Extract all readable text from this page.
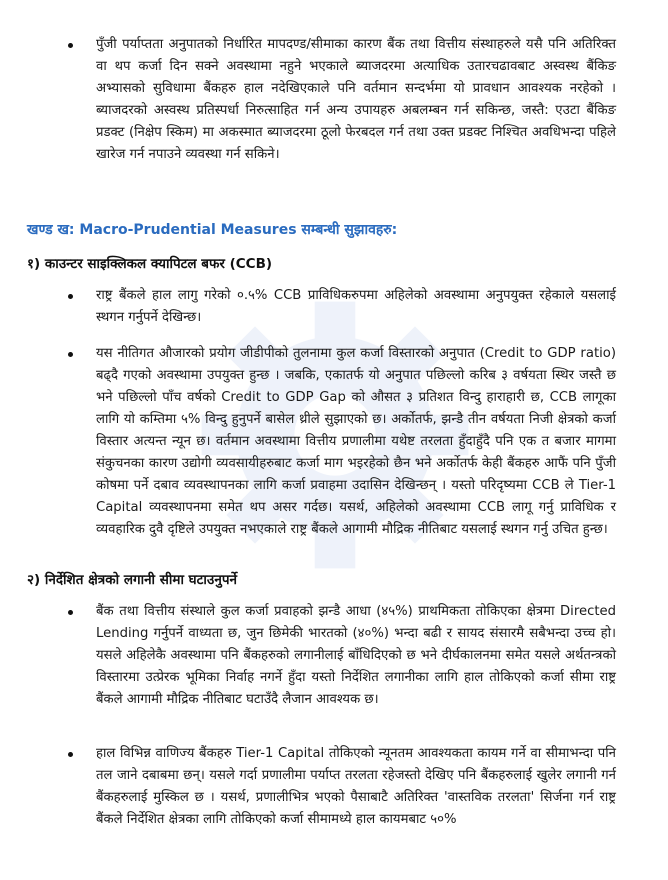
पुँजी पर्याप्तता अनुपातको निर्धारित मापदण्ड/सीमाका कारण बैंक तथा वित्तीय संस्थाहरुले यसै पनि अतिरिक्त वा थप कर्जा दिन सक्ने अवस्थामा नहुने भएकाले ब्याजदरमा अत्याधिक उतारचढावबाट अस्वस्थ बैंकिङ अभ्यासको सुविधामा बैंकहरु हाल नदेखिएकाले पनि वर्तमान सन्दर्भमा यो प्रावधान आवश्यक नरहेको । ब्याजदरको अस्वस्थ प्रतिस्पर्धा निरुत्साहित गर्न अन्य उपायहरु अबलम्बन गर्न सकिन्छ, जस्तै: एउटा बैंकिङ प्रडक्ट (निक्षेप स्किम) मा अकस्मात ब्याजदरमा ठूलो फेरबदल गर्न तथा उक्त प्रडक्ट निश्चित अवधिभन्दा पहिले खारेज गर्न नपाउने व्यवस्था गर्न सकिने।
खण्ड ख: Macro-Prudential Measures सम्बन्धी सुझावहरु:
१) काउन्टर साइक्लिकल क्यापिटल बफर (CCB)
राष्ट्र बैंकले हाल लागु गरेको ०.५% CCB प्राविधिकरुपमा अहिलेको अवस्थामा अनुपयुक्त रहेकाले यसलाई स्थगन गर्नुपर्ने देखिन्छ।
यस नीतिगत औजारको प्रयोग जीडीपीको तुलनामा कुल कर्जा विस्तारको अनुपात (Credit to GDP ratio) बढ्दै गएको अवस्थामा उपयुक्त हुन्छ । जबकि, एकातर्फ यो अनुपात पछिल्लो करिब ३ वर्षयता स्थिर जस्तै छ भने पछिल्लो पाँच वर्षको Credit to GDP Gap को औसत ३ प्रतिशत विन्दु हाराहारी छ, CCB लागूका लागि यो कम्तिमा ५% विन्दु हुनुपर्ने बासेल थ्रीले सुझाएको छ। अर्कोतर्फ, झन्डै तीन वर्षयता निजी क्षेत्रको कर्जा विस्तार अत्यन्त न्यून छ। वर्तमान अवस्थामा वित्तीय प्रणालीमा यथेष्ट तरलता हुँदाहुँदै पनि एक त बजार मागमा संकुचनका कारण उद्योगी व्यवसायीहरुबाट कर्जा माग भइरहेको छैन भने अर्कोतर्फ केही बैंकहरु आफैं पनि पुँजी कोषमा पर्ने दबाव व्यवस्थापनका लागि कर्जा प्रवाहमा उदासिन देखिन्छन् । यस्तो परिदृष्यमा CCB ले Tier-1 Capital व्यवस्थापनमा समेत थप असर गर्दछ। यसर्थ, अहिलेको अवस्थामा CCB लागू गर्नु प्राविधिक र व्यवहारिक दुवै दृष्टिले उपयुक्त नभएकाले राष्ट्र बैंकले आगामी मौद्रिक नीतिबाट यसलाई स्थगन गर्नु उचित हुन्छ।
२) निर्देशित क्षेत्रको लगानी सीमा घटाउनुपर्ने
बैंक तथा वित्तीय संस्थाले कुल कर्जा प्रवाहको झन्डै आधा (४५%) प्राथमिकता तोकिएका क्षेत्रमा Directed Lending गर्नुपर्ने वाध्यता छ, जुन छिमेकी भारतको (४०%) भन्दा बढी र सायद संसारमै सबैभन्दा उच्च हो। यसले अहिलेकै अवस्थामा पनि बैंकहरुको लगानीलाई बाँधिदिएको छ भने दीर्घकालनमा समेत यसले अर्थतन्त्रको विस्तारमा उत्प्रेरक भूमिका निर्वाह नगर्ने हुँदा यस्तो निर्देशित लगानीका लागि हाल तोकिएको कर्जा सीमा राष्ट्र बैंकले आगामी मौद्रिक नीतिबाट घटाउँदै लैजान आवश्यक छ।
हाल विभिन्न वाणिज्य बैंकहरु Tier-1 Capital तोकिएको न्यूनतम आवश्यकता कायम गर्ने वा सीमाभन्दा पनि तल जाने दबाबमा छन्। यसले गर्दा प्रणालीमा पर्याप्त तरलता रहेजस्तो देखिए पनि बैंकहरुलाई खुलेर लगानी गर्न बैंकहरुलाई मुस्किल छ । यसर्थ, प्रणालीभित्र भएको पैसाबाटै अतिरिक्त 'वास्तविक तरलता' सिर्जना गर्न राष्ट्र बैंकले निर्देशित क्षेत्रका लागि तोकिएको कर्जा सीमामध्ये हाल कायमबाट ५०%
